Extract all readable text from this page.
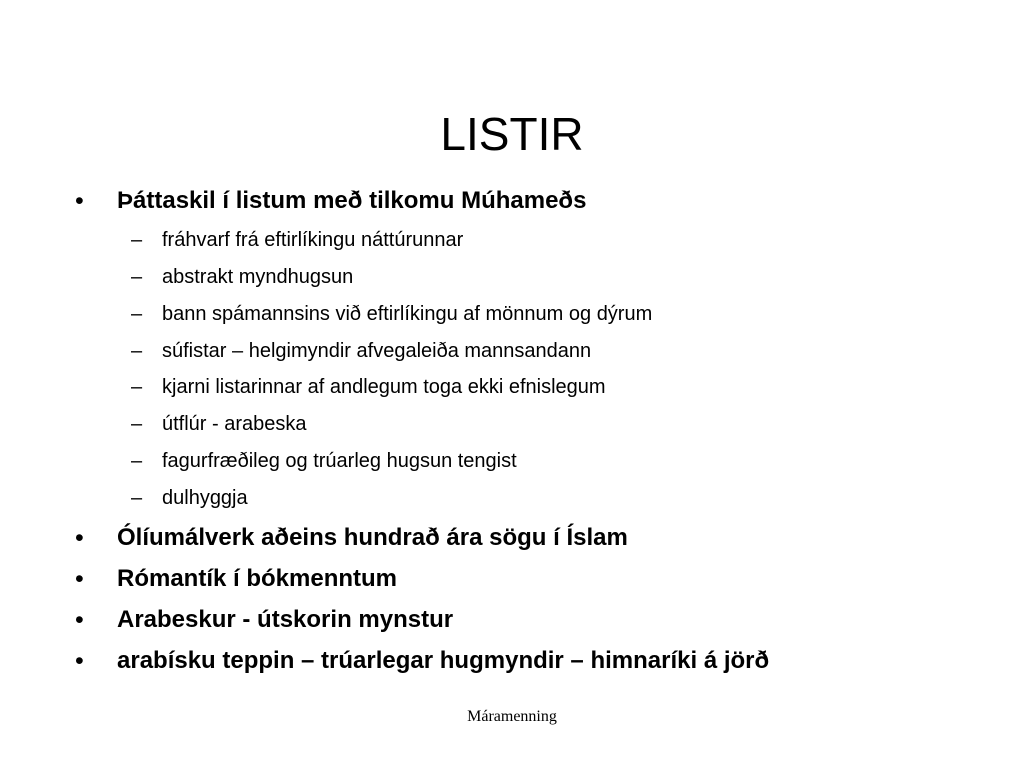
LISTIR
• Þáttaskil í listum með tilkomu Múhameðs
– fráhvarf frá eftirlíkingu náttúrunnar
– abstrakt myndhugsun
– bann spámannsins við eftirlíkingu af mönnum og dýrum
– súfistar – helgimyndir afvegaleiða mannsandann
– kjarni listarinnar af andlegum toga ekki efnislegum
– útflúr - arabeska
– fagurfræðileg og trúarleg hugsun tengist
– dulhyggja
• Ólíumálverk aðeins hundrað ára sögu í Íslam
• Rómantík í bókmenntum
• Arabeskur - útskorin mynstur
• arabísku teppin – trúarlegar hugmyndir – himnaríki á jörð
Máramenning
